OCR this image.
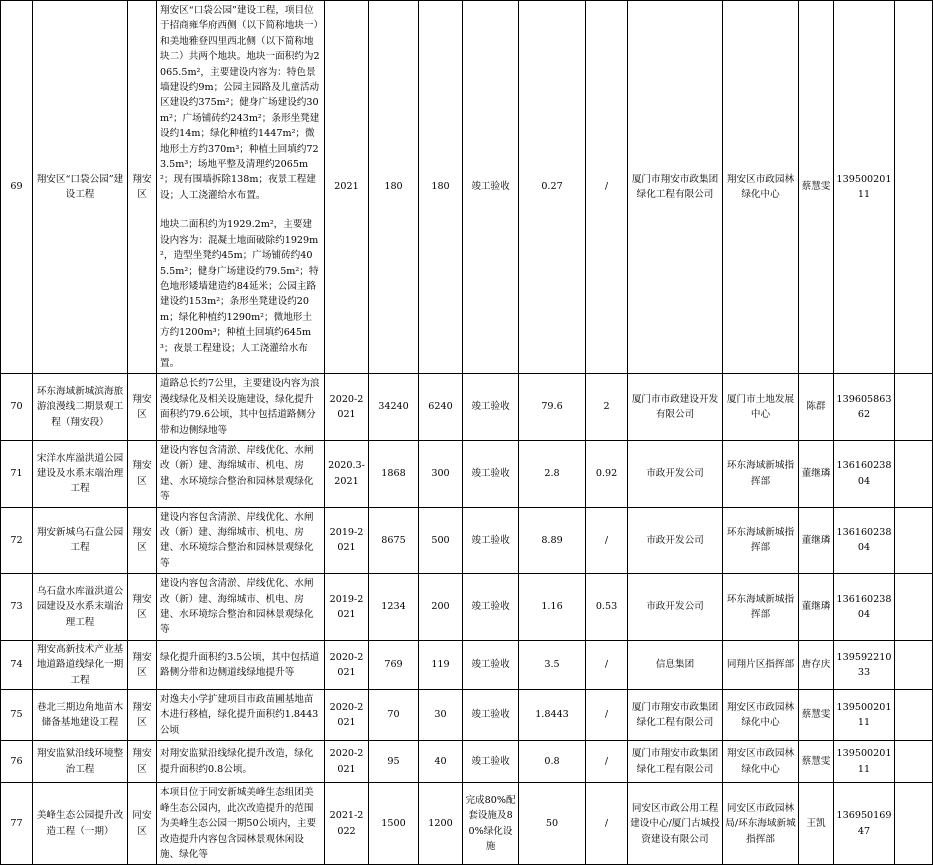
69	翔安区“口袋公园”建设工程	翔安区	翔安区“口袋公园”建设工程，项目位于招商雍华府西侧（以下简称地块一）和美地雅登四里西北侧（以下简称地块二）共两个地块。地块一面积约为2065.5m²，主要建设内容为：特色景墙建设约9m；公园主园路及儿童活动区建设约375m²；健身广场建设约30m²；广场铺砖约243m²；条形坐凳建设约14m；绿化种植约1447m²；微地形土方约370m³；种植土回填约723.5m³；场地平整及清理约2065m²；现有围墙拆除138m；夜景工程建设；人工浇灌给水布置。

地块二面积约为1929.2m²，主要建设内容为：混凝土地面破除约1929m²，造型坐凳约45m；广场铺砖约405.5m²；健身广场建设约79.5m²；特色地形矮墙建造约84延米；公园主路建设约153m²；条形坐凳建设约20m；绿化种植约1290m²；微地形土方约1200m³；种植土回填约645m³；夜景工程建设；人工浇灌给水布置。	2021	180	180	竣工验收	0.27	/	厦门市翔安市政集团绿化工程有限公司	翔安区市政园林绿化中心	蔡慧雯	13950020111	
70	环东海域新城滨海旅游浪漫线二期景观工程（翔安段）	翔安区	道路总长约7公里，主要建设内容为浪漫线绿化及相关设施建设，绿化提升面积约79.6公顷，其中包括道路侧分带和边侧绿地等	2020-2021	34240	6240	竣工验收	79.6	2	厦门市市政建设开发有限公司	厦门市土地发展中心	陈群	13960586362	
71	宋洋水库溢洪道公园建设及水系末端治理工程	翔安区	建设内容包含清淤、岸线优化、水闸改（新）建、海绵城市、机电、房建、水环境综合整治和园林景观绿化等	2020.3-2021	1868	300	竣工验收	2.8	0.92	市政开发公司	环东海域新城指挥部	董继璘	13616023804	
72	翔安新城乌石盘公园工程	翔安区	建设内容包含清淤、岸线优化、水闸改（新）建、海绵城市、机电、房建、水环境综合整治和园林景观绿化等	2019-2021	8675	500	竣工验收	8.89	/	市政开发公司	环东海域新城指挥部	董继璘	13616023804	
73	乌石盘水库溢洪道公园建设及水系末端治理工程	翔安区	建设内容包含清淤、岸线优化、水闸改（新）建、海绵城市、机电、房建、水环境综合整治和园林景观绿化等	2019-2021	1234	200	竣工验收	1.16	0.53	市政开发公司	环东海域新城指挥部	董继璘	13616023804	
74	翔安高新技术产业基地道路道线绿化一期工程	翔安区	绿化提升面积约3.5公顷，其中包括道路侧分带和边侧道线绿地提升等	2020-2021	769	119	竣工验收	3.5	/	信息集团	同翔片区指挥部	唐存庆	13959221033	
75	巷北三期边角地苗木储备基地建设工程	翔安区	对逸夫小学扩建项目市政苗圃基地苗木进行移植，绿化提升面积约1.8443公顷	2020-2021	70	30	竣工验收	1.8443	/	厦门市翔安市政集团绿化工程有限公司	翔安区市政园林绿化中心	蔡慧雯	13950020111	
76	翔安监狱沿线环境整治工程	翔安区	对翔安监狱沿线绿化提升改造，绿化提升面积约0.8公顷。	2020-2021	95	40	竣工验收	0.8	/	厦门市翔安市政集团绿化工程有限公司	翔安区市政园林绿化中心	蔡慧雯	13950020111	
77	美峰生态公园提升改造工程（一期）	同安区	本项目位于同安新城美峰生态组团美峰生态公园内，此次改造提升的范围为美峰生态公园一期50公顷内，主要改造提升内容包含园林景观休闲设施、绿化等	2021-2022	1500	1200	完成80%配套设施及80%绿化设施	50	/	同安区市政公用工程建设中心/厦门古城投资建设有限公司	同安区市政园林局/环东海域新城指挥部	王凯	13695016947	
